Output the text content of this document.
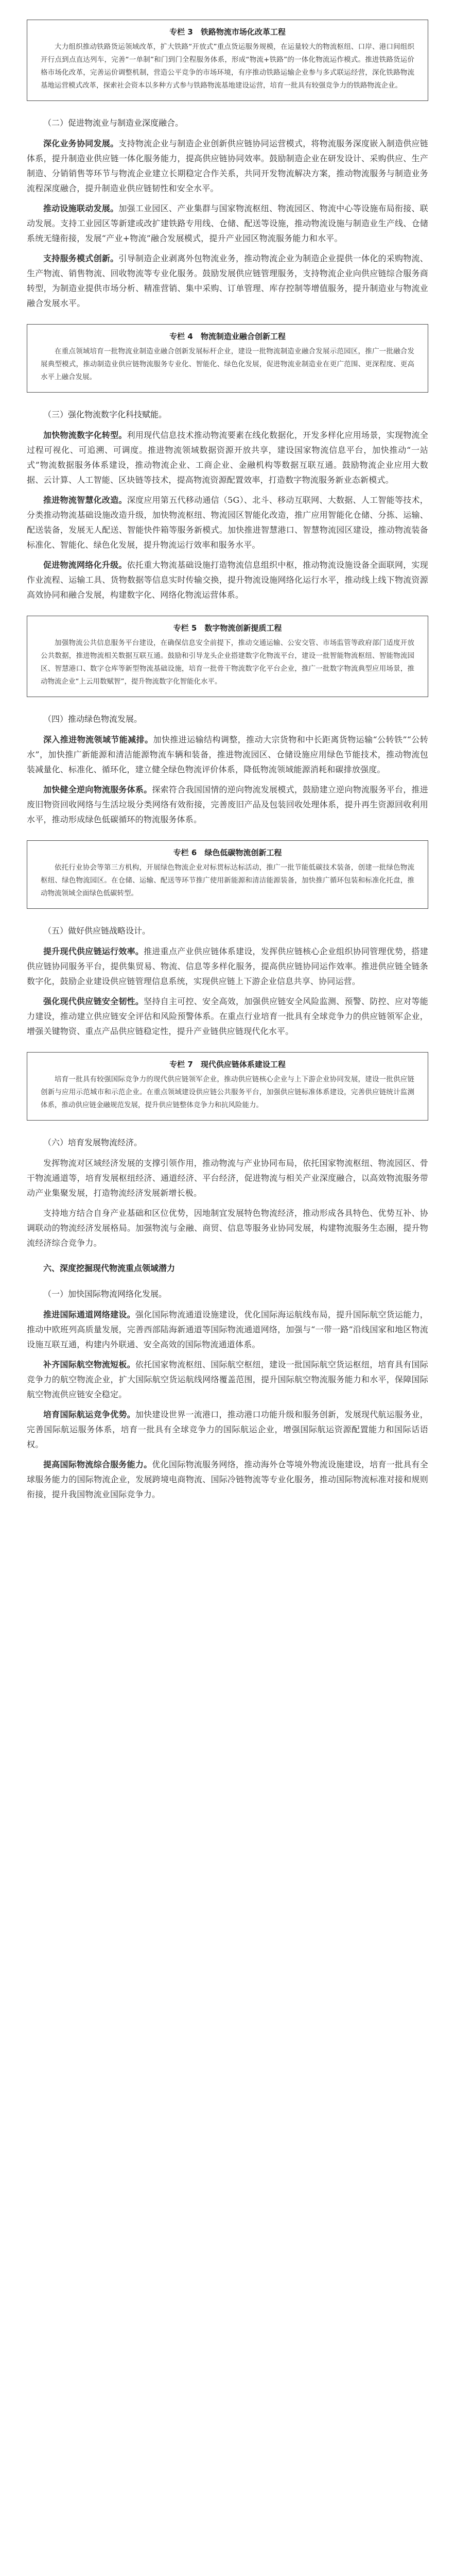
专栏 3　铁路物流市场化改革工程

大力组织推动铁路货运领域改革，扩大铁路“开放式”重点货运服务规模，在运量较大的物流枢纽、口岸、港口间组织开行点到点直达列车，完善“一单制”和门到门全程服务体系，形成“物流+铁路”的一体化物流运作模式。推进铁路货运价格市场化改革，完善运价调整机制，营造公平竞争的市场环境，有序推动铁路运输企业参与多式联运经营，深化铁路物流基地运营模式改革，探索社会资本以多种方式参与铁路物流基地建设运营，培育一批具有较强竞争力的铁路物流企业。

（二）促进物流业与制造业深度融合。

深化业务协同发展。支持物流企业与制造企业创新供应链协同运营模式，将物流服务深度嵌入制造供应链体系，提升制造业供应链一体化服务能力，提高供应链协同效率。鼓励制造企业在研发设计、采购供应、生产制造、分销销售等环节与物流企业建立长期稳定合作关系，共同开发物流解决方案，推动物流服务与制造业务流程深度融合，提升制造业供应链韧性和安全水平。

推动设施联动发展。加强工业园区、产业集群与国家物流枢纽、物流园区、物流中心等设施布局衔接、联动发展。支持工业园区等新建或改扩建铁路专用线、仓储、配送等设施，推动物流设施与制造业生产线、仓储系统无缝衔接，发展“产业+物流”融合发展模式，提升产业园区物流服务能力和水平。

支持服务模式创新。引导制造企业剥离外包物流业务，推动物流企业为制造企业提供一体化的采购物流、生产物流、销售物流、回收物流等专业化服务。鼓励发展供应链管理服务，支持物流企业向供应链综合服务商转型，为制造业提供市场分析、精准营销、集中采购、订单管理、库存控制等增值服务，提升制造业与物流业融合发展水平。

专栏 4　物流制造业融合创新工程

在重点领域培育一批物流业制造业融合创新发展标杆企业，建设一批物流制造业融合发展示范园区，推广一批融合发展典型模式，推动制造业供应链物流服务专业化、智能化、绿色化发展，促进物流业制造业在更广范围、更深程度、更高水平上融合发展。

（三）强化物流数字化科技赋能。

加快物流数字化转型。利用现代信息技术推动物流要素在线化数据化，开发多样化应用场景，实现物流全过程可视化、可追溯、可调度。推进物流领域数据资源开放共享，建设国家物流信息平台，加快推动“一站式”物流数据服务体系建设，推动物流企业、工商企业、金融机构等数据互联互通。鼓励物流企业应用大数据、云计算、人工智能、区块链等技术，提高物流资源配置效率，打造数字物流服务新业态新模式。

推进物流智慧化改造。深度应用第五代移动通信（5G）、北斗、移动互联网、大数据、人工智能等技术，分类推动物流基础设施改造升级，加快物流枢纽、物流园区智能化改造，推广应用智能化仓储、分拣、运输、配送装备，发展无人配送、智能快件箱等服务新模式。加快推进智慧港口、智慧物流园区建设，推动物流装备标准化、智能化、绿色化发展，提升物流运行效率和服务水平。

促进物流网络化升级。依托重大物流基础设施打造物流信息组织中枢，推动物流设施设备全面联网，实现作业流程、运输工具、货物数据等信息实时传输交换，提升物流设施网络化运行水平，推动线上线下物流资源高效协同和融合发展，构建数字化、网络化物流运营体系。

专栏 5　数字物流创新提质工程

加强物流公共信息服务平台建设，在确保信息安全前提下，推动交通运输、公安交管、市场监管等政府部门适度开放公共数据，推进物流相关数据互联互通。鼓励和引导龙头企业搭建数字化物流平台，建设一批智能物流枢纽、智能物流园区、智慧港口、数字仓库等新型物流基础设施，培育一批骨干物流数字化平台企业，推广一批数字物流典型应用场景，推动物流企业“上云用数赋智”，提升物流数字化智能化水平。

（四）推动绿色物流发展。

深入推进物流领域节能减排。加快推进运输结构调整，推动大宗货物和中长距离货物运输“公转铁”“公转水”，加快推广新能源和清洁能源物流车辆和装备，推进物流园区、仓储设施应用绿色节能技术，推动物流包装减量化、标准化、循环化，建立健全绿色物流评价体系，降低物流领域能源消耗和碳排放强度。

加快健全逆向物流服务体系。探索符合我国国情的逆向物流发展模式，鼓励建立逆向物流服务平台，推进废旧物资回收网络与生活垃圾分类网络有效衔接，完善废旧产品及包装回收处理体系，提升再生资源回收利用水平，推动形成绿色低碳循环的物流服务体系。

专栏 6　绿色低碳物流创新工程

依托行业协会等第三方机构，开展绿色物流企业对标贯标达标活动，推广一批节能低碳技术装备，创建一批绿色物流枢纽、绿色物流园区。在仓储、运输、配送等环节推广使用新能源和清洁能源装备，加快推广循环包装和标准化托盘，推动物流领域全面绿色低碳转型。

（五）做好供应链战略设计。

提升现代供应链运行效率。推进重点产业供应链体系建设，发挥供应链核心企业组织协同管理优势，搭建供应链协同服务平台，提供集贸易、物流、信息等多样化服务，提高供应链协同运作效率。推进供应链全链条数字化，鼓励企业建设供应链管理信息系统，实现供应链上下游企业信息共享、协同运营。

强化现代供应链安全韧性。坚持自主可控、安全高效，加强供应链安全风险监测、预警、防控、应对等能力建设，推动建立供应链安全评估和风险预警体系。在重点行业培育一批具有全球竞争力的供应链领军企业，增强关键物资、重点产品供应链稳定性，提升产业链供应链现代化水平。

专栏 7　现代供应链体系建设工程

培育一批具有较强国际竞争力的现代供应链领军企业，推动供应链核心企业与上下游企业协同发展，建设一批供应链创新与应用示范城市和示范企业。在重点领域建设供应链公共服务平台，加强供应链标准体系建设，完善供应链统计监测体系，推动供应链金融规范发展，提升供应链整体竞争力和抗风险能力。

（六）培育发展物流经济。

发挥物流对区域经济发展的支撑引领作用，推动物流与产业协同布局，依托国家物流枢纽、物流园区、骨干物流通道等，培育发展枢纽经济、通道经济、平台经济，促进物流与相关产业深度融合，以高效物流服务带动产业集聚发展，打造物流经济发展新增长极。

支持地方结合自身产业基础和区位优势，因地制宜发展特色物流经济，推动形成各具特色、优势互补、协调联动的物流经济发展格局。加强物流与金融、商贸、信息等服务业协同发展，构建物流服务生态圈，提升物流经济综合竞争力。

六、深度挖掘现代物流重点领域潜力
（一）加快国际物流网络化发展。

推进国际通道网络建设。强化国际物流通道设施建设，优化国际海运航线布局，提升国际航空货运能力，推动中欧班列高质量发展，完善西部陆海新通道等国际物流通道网络，加强与“一带一路”沿线国家和地区物流设施互联互通，构建内外联通、安全高效的国际物流通道体系。

补齐国际航空物流短板。依托国家物流枢纽、国际航空枢纽，建设一批国际航空货运枢纽，培育具有国际竞争力的航空物流企业，扩大国际航空货运航线网络覆盖范围，提升国际航空物流服务能力和水平，保障国际航空物流供应链安全稳定。

培育国际航运竞争优势。加快建设世界一流港口，推动港口功能升级和服务创新，发展现代航运服务业，完善国际航运服务体系，培育一批具有全球竞争力的国际航运企业，增强国际航运资源配置能力和国际话语权。

提高国际物流综合服务能力。优化国际物流服务网络，推动海外仓等境外物流设施建设，培育一批具有全球服务能力的国际物流企业，发展跨境电商物流、国际冷链物流等专业化服务，推动国际物流标准对接和规则衔接，提升我国物流业国际竞争力。
